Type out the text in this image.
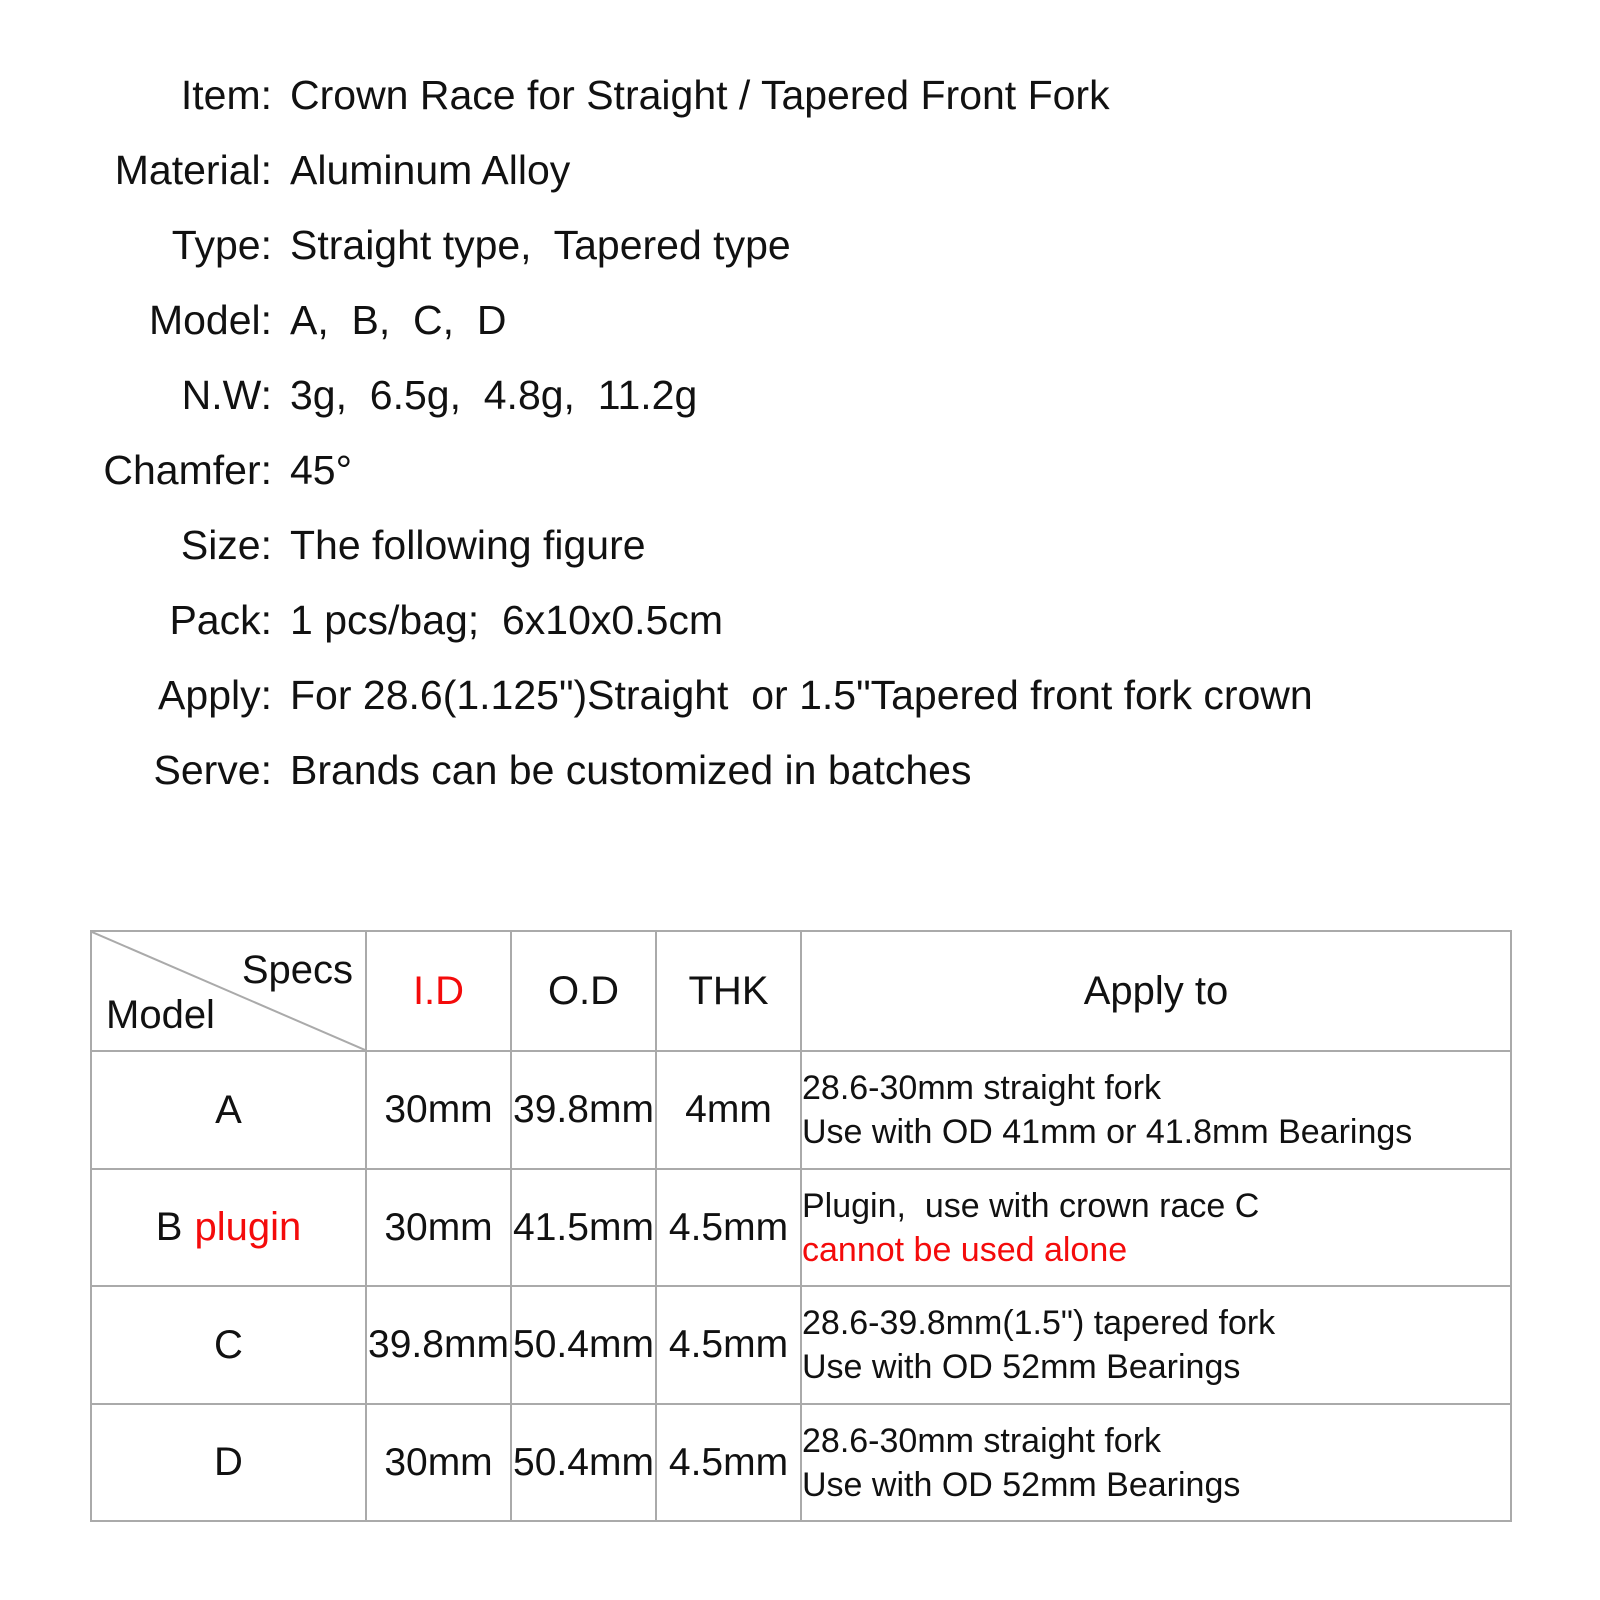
Item: Crown Race for Straight / Tapered Front Fork
Material: Aluminum Alloy
Type: Straight type,  Tapered type
Model: A,  B,  C,  D
N.W: 3g,  6.5g,  4.8g,  11.2g
Chamfer: 45°
Size: The following figure
Pack: 1 pcs/bag;  6x10x0.5cm
Apply: For 28.6(1.125")Straight  or 1.5"Tapered front fork crown
Serve: Brands can be customized in batches
Specs
Model	I.D	O.D	THK	Apply to
A	30mm	39.8mm	4mm	28.6-30mm straight fork
Use with OD 41mm or 41.8mm Bearings

B plugin	30mm	41.5mm	4.5mm	Plugin,  use with crown race C
cannot be used alone

C	39.8mm	50.4mm	4.5mm	28.6-39.8mm(1.5") tapered fork
Use with OD 52mm Bearings

D	30mm	50.4mm	4.5mm	28.6-30mm straight fork
Use with OD 52mm Bearings
